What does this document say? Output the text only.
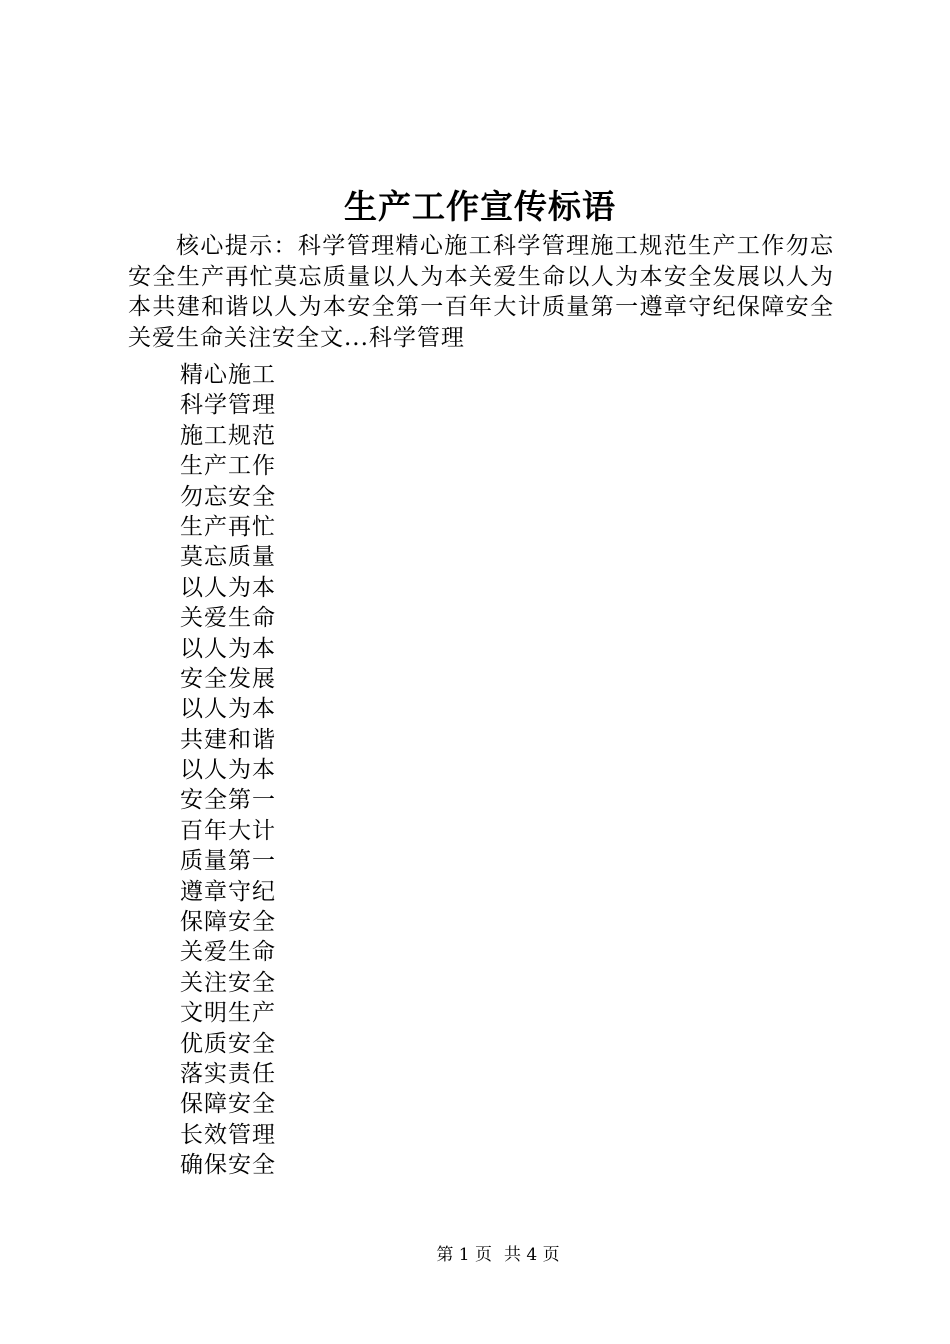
生产工作宣传标语

核心提示：科学管理精心施工科学管理施工规范生产工作勿忘安全生产再忙莫忘质量以人为本关爱生命以人为本安全发展以人为本共建和谐以人为本安全第一百年大计质量第一遵章守纪保障安全关爱生命关注安全文...科学管理

精心施工
科学管理
施工规范
生产工作
勿忘安全
生产再忙
莫忘质量
以人为本
关爱生命
以人为本
安全发展
以人为本
共建和谐
以人为本
安全第一
百年大计
质量第一
遵章守纪
保障安全
关爱生命
关注安全
文明生产
优质安全
落实责任
保障安全
长效管理
确保安全
第 1 页 共 4 页
